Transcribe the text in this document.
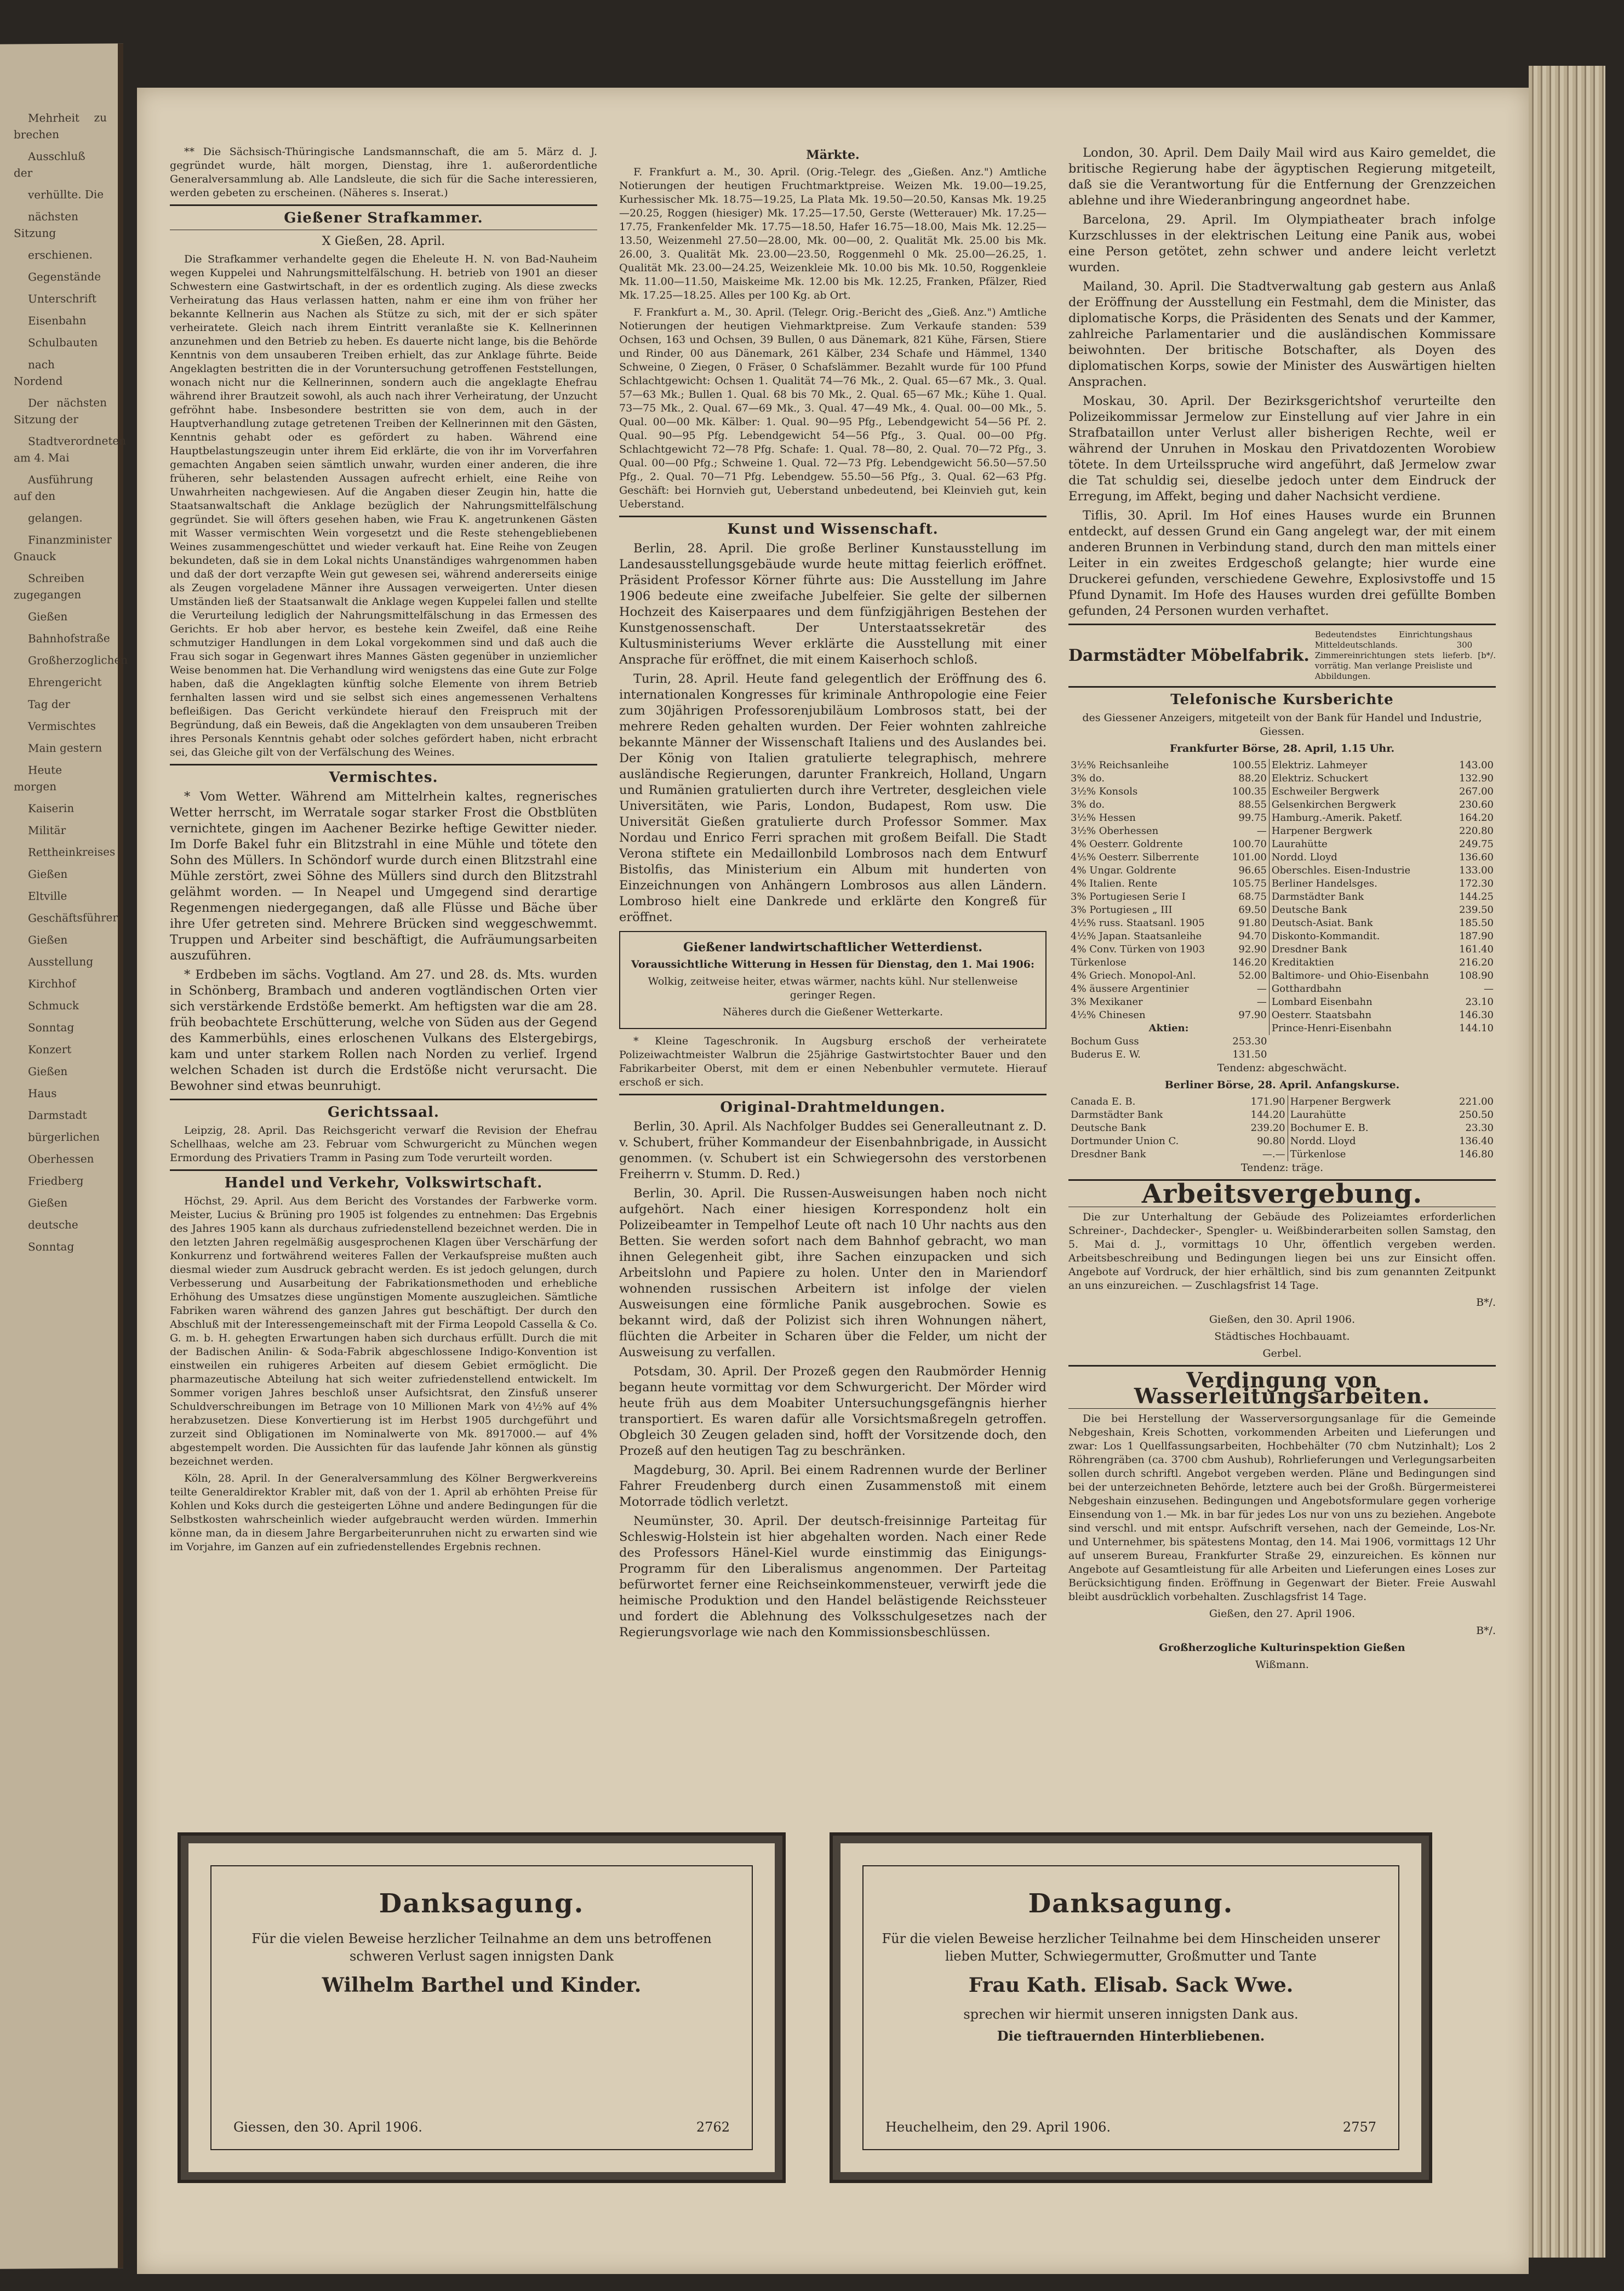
Mehrheit zu brechen

Ausschluß der

verhüllte. Die

nächsten Sitzung

erschienen.

Gegenstände

Unterschrift

Eisenbahn

Schulbauten

nach Nordend

Der nächsten Sitzung der

Stadtverordneten am 4. Mai

Ausführung auf den

gelangen.

Finanzminister Gnauck

Schreiben zugegangen

Gießen

Bahnhofstraße

Großherzoglichen

Ehrengericht

Tag der

Vermischtes

Main gestern

Heute morgen

Kaiserin

Militär

Rettheinkreises

Gießen

Eltville

Geschäftsführer

Gießen

Ausstellung

Kirchhof

Schmuck

Sonntag

Konzert

Gießen

Haus

Darmstadt

bürgerlichen

Oberhessen

Friedberg

Gießen

deutsche

Sonntag

** Die Sächsisch-Thüringische Landsmannschaft, die am 5. März d. J. gegründet wurde, hält morgen, Dienstag, ihre 1. außerordentliche Generalversammlung ab. Alle Landsleute, die sich für die Sache interessieren, werden gebeten zu erscheinen. (Näheres s. Inserat.)

Gießener Strafkammer.

X Gießen, 28. April.

Die Strafkammer verhandelte gegen die Eheleute H. N. von Bad-Nauheim wegen Kuppelei und Nahrungsmittelfälschung. H. betrieb von 1901 an dieser Schwestern eine Gastwirtschaft, in der es ordentlich zuging. Als diese zwecks Verheiratung das Haus verlassen hatten, nahm er eine ihm von früher her bekannte Kellnerin aus Nachen als Stütze zu sich, mit der er sich später verheiratete. Gleich nach ihrem Eintritt veranlaßte sie K. Kellnerinnen anzunehmen und den Betrieb zu heben. Es dauerte nicht lange, bis die Behörde Kenntnis von dem unsauberen Treiben erhielt, das zur Anklage führte. Beide Angeklagten bestritten die in der Voruntersuchung getroffenen Feststellungen, wonach nicht nur die Kellnerinnen, sondern auch die angeklagte Ehefrau während ihrer Brautzeit sowohl, als auch nach ihrer Verheiratung, der Unzucht gefröhnt habe. Insbesondere bestritten sie von dem, auch in der Hauptverhandlung zutage getretenen Treiben der Kellnerinnen mit den Gästen, Kenntnis gehabt oder es gefördert zu haben. Während eine Hauptbelastungszeugin unter ihrem Eid erklärte, die von ihr im Vorverfahren gemachten Angaben seien sämtlich unwahr, wurden einer anderen, die ihre früheren, sehr belastenden Aussagen aufrecht erhielt, eine Reihe von Unwahrheiten nachgewiesen. Auf die Angaben dieser Zeugin hin, hatte die Staatsanwaltschaft die Anklage bezüglich der Nahrungsmittelfälschung gegründet. Sie will öfters gesehen haben, wie Frau K. angetrunkenen Gästen mit Wasser vermischten Wein vorgesetzt und die Reste stehengebliebenen Weines zusammengeschüttet und wieder verkauft hat. Eine Reihe von Zeugen bekundeten, daß sie in dem Lokal nichts Unanständiges wahrgenommen haben und daß der dort verzapfte Wein gut gewesen sei, während andererseits einige als Zeugen vorgeladene Männer ihre Aussagen verweigerten. Unter diesen Umständen ließ der Staatsanwalt die Anklage wegen Kuppelei fallen und stellte die Verurteilung lediglich der Nahrungsmittelfälschung in das Ermessen des Gerichts. Er hob aber hervor, es bestehe kein Zweifel, daß eine Reihe schmutziger Handlungen in dem Lokal vorgekommen sind und daß auch die Frau sich sogar in Gegenwart ihres Mannes Gästen gegenüber in unziemlicher Weise benommen hat. Die Verhandlung wird wenigstens das eine Gute zur Folge haben, daß die Angeklagten künftig solche Elemente von ihrem Betrieb fernhalten lassen wird und sie selbst sich eines angemessenen Verhaltens befleißigen. Das Gericht verkündete hierauf den Freispruch mit der Begründung, daß ein Beweis, daß die Angeklagten von dem unsauberen Treiben ihres Personals Kenntnis gehabt oder solches gefördert haben, nicht erbracht sei, das Gleiche gilt von der Verfälschung des Weines.

Vermischtes.

* Vom Wetter. Während am Mittelrhein kaltes, regnerisches Wetter herrscht, im Werratale sogar starker Frost die Obstblüten vernichtete, gingen im Aachener Bezirke heftige Gewitter nieder. Im Dorfe Bakel fuhr ein Blitzstrahl in eine Mühle und tötete den Sohn des Müllers. In Schöndorf wurde durch einen Blitzstrahl eine Mühle zerstört, zwei Söhne des Müllers sind durch den Blitzstrahl gelähmt worden. — In Neapel und Umgegend sind derartige Regenmengen niedergegangen, daß alle Flüsse und Bäche über ihre Ufer getreten sind. Mehrere Brücken sind weggeschwemmt. Truppen und Arbeiter sind beschäftigt, die Aufräumungsarbeiten auszuführen.

* Erdbeben im sächs. Vogtland. Am 27. und 28. ds. Mts. wurden in Schönberg, Brambach und anderen vogtländischen Orten vier sich verstärkende Erdstöße bemerkt. Am heftigsten war die am 28. früh beobachtete Erschütterung, welche von Süden aus der Gegend des Kammerbühls, eines erloschenen Vulkans des Elstergebirgs, kam und unter starkem Rollen nach Norden zu verlief. Irgend welchen Schaden ist durch die Erdstöße nicht verursacht. Die Bewohner sind etwas beunruhigt.

Gerichtssaal.

Leipzig, 28. April. Das Reichsgericht verwarf die Revision der Ehefrau Schellhaas, welche am 23. Februar vom Schwurgericht zu München wegen Ermordung des Privatiers Tramm in Pasing zum Tode verurteilt worden.

Handel und Verkehr, Volkswirtschaft.

Höchst, 29. April. Aus dem Bericht des Vorstandes der Farbwerke vorm. Meister, Lucius & Brüning pro 1905 ist folgendes zu entnehmen: Das Ergebnis des Jahres 1905 kann als durchaus zufriedenstellend bezeichnet werden. Die in den letzten Jahren regelmäßig ausgesprochenen Klagen über Verschärfung der Konkurrenz und fortwährend weiteres Fallen der Verkaufspreise mußten auch diesmal wieder zum Ausdruck gebracht werden. Es ist jedoch gelungen, durch Verbesserung und Ausarbeitung der Fabrikationsmethoden und erhebliche Erhöhung des Umsatzes diese ungünstigen Momente auszugleichen. Sämtliche Fabriken waren während des ganzen Jahres gut beschäftigt. Der durch den Abschluß mit der Interessengemeinschaft mit der Firma Leopold Cassella & Co. G. m. b. H. gehegten Erwartungen haben sich durchaus erfüllt. Durch die mit der Badischen Anilin- & Soda-Fabrik abgeschlossene Indigo-Konvention ist einstweilen ein ruhigeres Arbeiten auf diesem Gebiet ermöglicht. Die pharmazeutische Abteilung hat sich weiter zufriedenstellend entwickelt. Im Sommer vorigen Jahres beschloß unser Aufsichtsrat, den Zinsfuß unserer Schuldverschreibungen im Betrage von 10 Millionen Mark von 4½% auf 4% herabzusetzen. Diese Konvertierung ist im Herbst 1905 durchgeführt und zurzeit sind Obligationen im Nominalwerte von Mk. 8917000.— auf 4% abgestempelt worden. Die Aussichten für das laufende Jahr können als günstig bezeichnet werden.

Köln, 28. April. In der Generalversammlung des Kölner Bergwerkvereins teilte Generaldirektor Krabler mit, daß von der 1. April ab erhöhten Preise für Kohlen und Koks durch die gesteigerten Löhne und andere Bedingungen für die Selbstkosten wahrscheinlich wieder aufgebraucht werden würden. Immerhin könne man, da in diesem Jahre Bergarbeiterunruhen nicht zu erwarten sind wie im Vorjahre, im Ganzen auf ein zufriedenstellendes Ergebnis rechnen.

Märkte.

F. Frankfurt a. M., 30. April. (Orig.-Telegr. des „Gießen. Anz.") Amtliche Notierungen der heutigen Fruchtmarktpreise. Weizen Mk. 19.00—19.25, Kurhessischer Mk. 18.75—19.25, La Plata Mk. 19.50—20.50, Kansas Mk. 19.25—20.25, Roggen (hiesiger) Mk. 17.25—17.50, Gerste (Wetterauer) Mk. 17.25—17.75, Frankenfelder Mk. 17.75—18.50, Hafer 16.75—18.00, Mais Mk. 12.25—13.50, Weizenmehl 27.50—28.00, Mk. 00—00, 2. Qualität Mk. 25.00 bis Mk. 26.00, 3. Qualität Mk. 23.00—23.50, Roggenmehl 0 Mk. 25.00—26.25, 1. Qualität Mk. 23.00—24.25, Weizenkleie Mk. 10.00 bis Mk. 10.50, Roggenkleie Mk. 11.00—11.50, Maiskeime Mk. 12.00 bis Mk. 12.25, Franken, Pfälzer, Ried Mk. 17.25—18.25. Alles per 100 Kg. ab Ort.

F. Frankfurt a. M., 30. April. (Telegr. Orig.-Bericht des „Gieß. Anz.") Amtliche Notierungen der heutigen Viehmarktpreise. Zum Verkaufe standen: 539 Ochsen, 163 und Ochsen, 39 Bullen, 0 aus Dänemark, 821 Kühe, Färsen, Stiere und Rinder, 00 aus Dänemark, 261 Kälber, 234 Schafe und Hämmel, 1340 Schweine, 0 Ziegen, 0 Fräser, 0 Schafslämmer. Bezahlt wurde für 100 Pfund Schlachtgewicht: Ochsen 1. Qualität 74—76 Mk., 2. Qual. 65—67 Mk., 3. Qual. 57—63 Mk.; Bullen 1. Qual. 68 bis 70 Mk., 2. Qual. 65—67 Mk.; Kühe 1. Qual. 73—75 Mk., 2. Qual. 67—69 Mk., 3. Qual. 47—49 Mk., 4. Qual. 00—00 Mk., 5. Qual. 00—00 Mk. Kälber: 1. Qual. 90—95 Pfg., Lebendgewicht 54—56 Pf. 2. Qual. 90—95 Pfg. Lebendgewicht 54—56 Pfg., 3. Qual. 00—00 Pfg. Schlachtgewicht 72—78 Pfg. Schafe: 1. Qual. 78—80, 2. Qual. 70—72 Pfg., 3. Qual. 00—00 Pfg.; Schweine 1. Qual. 72—73 Pfg. Lebendgewicht 56.50—57.50 Pfg., 2. Qual. 70—71 Pfg. Lebendgew. 55.50—56 Pfg., 3. Qual. 62—63 Pfg. Geschäft: bei Hornvieh gut, Ueberstand unbedeutend, bei Kleinvieh gut, kein Ueberstand.

Kunst und Wissenschaft.

Berlin, 28. April. Die große Berliner Kunstausstellung im Landesausstellungsgebäude wurde heute mittag feierlich eröffnet. Präsident Professor Körner führte aus: Die Ausstellung im Jahre 1906 bedeute eine zweifache Jubelfeier. Sie gelte der silbernen Hochzeit des Kaiserpaares und dem fünfzigjährigen Bestehen der Kunstgenossenschaft. Der Unterstaatssekretär des Kultusministeriums Wever erklärte die Ausstellung mit einer Ansprache für eröffnet, die mit einem Kaiserhoch schloß.

Turin, 28. April. Heute fand gelegentlich der Eröffnung des 6. internationalen Kongresses für kriminale Anthropologie eine Feier zum 30jährigen Professorenjubiläum Lombrosos statt, bei der mehrere Reden gehalten wurden. Der Feier wohnten zahlreiche bekannte Männer der Wissenschaft Italiens und des Auslandes bei. Der König von Italien gratulierte telegraphisch, mehrere ausländische Regierungen, darunter Frankreich, Holland, Ungarn und Rumänien gratulierten durch ihre Vertreter, desgleichen viele Universitäten, wie Paris, London, Budapest, Rom usw. Die Universität Gießen gratulierte durch Professor Sommer. Max Nordau und Enrico Ferri sprachen mit großem Beifall. Die Stadt Verona stiftete ein Medaillonbild Lombrosos nach dem Entwurf Bistolfis, das Ministerium ein Album mit hunderten von Einzeichnungen von Anhängern Lombrosos aus allen Ländern. Lombroso hielt eine Dankrede und erklärte den Kongreß für eröffnet.

Gießener landwirtschaftlicher Wetterdienst.

Voraussichtliche Witterung in Hessen für Dienstag, den 1. Mai 1906:

Wolkig, zeitweise heiter, etwas wärmer, nachts kühl. Nur stellenweise geringer Regen.

Näheres durch die Gießener Wetterkarte.

* Kleine Tageschronik. In Augsburg erschoß der verheiratete Polizeiwachtmeister Walbrun die 25jährige Gastwirtstochter Bauer und den Fabrikarbeiter Oberst, mit dem er einen Nebenbuhler vermutete. Hierauf erschoß er sich.

Original-Drahtmeldungen.

Berlin, 30. April. Als Nachfolger Buddes sei Generalleutnant z. D. v. Schubert, früher Kommandeur der Eisenbahnbrigade, in Aussicht genommen. (v. Schubert ist ein Schwiegersohn des verstorbenen Freiherrn v. Stumm. D. Red.)

Berlin, 30. April. Die Russen-Ausweisungen haben noch nicht aufgehört. Nach einer hiesigen Korrespondenz holt ein Polizeibeamter in Tempelhof Leute oft nach 10 Uhr nachts aus den Betten. Sie werden sofort nach dem Bahnhof gebracht, wo man ihnen Gelegenheit gibt, ihre Sachen einzupacken und sich Arbeitslohn und Papiere zu holen. Unter den in Mariendorf wohnenden russischen Arbeitern ist infolge der vielen Ausweisungen eine förmliche Panik ausgebrochen. Sowie es bekannt wird, daß der Polizist sich ihren Wohnungen nähert, flüchten die Arbeiter in Scharen über die Felder, um nicht der Ausweisung zu verfallen.

Potsdam, 30. April. Der Prozeß gegen den Raubmörder Hennig begann heute vormittag vor dem Schwurgericht. Der Mörder wird heute früh aus dem Moabiter Untersuchungsgefängnis hierher transportiert. Es waren dafür alle Vorsichtsmaßregeln getroffen. Obgleich 30 Zeugen geladen sind, hofft der Vorsitzende doch, den Prozeß auf den heutigen Tag zu beschränken.

Magdeburg, 30. April. Bei einem Radrennen wurde der Berliner Fahrer Freudenberg durch einen Zusammenstoß mit einem Motorrade tödlich verletzt.

Neumünster, 30. April. Der deutsch-freisinnige Parteitag für Schleswig-Holstein ist hier abgehalten worden. Nach einer Rede des Professors Hänel-Kiel wurde einstimmig das Einigungs-Programm für den Liberalismus angenommen. Der Parteitag befürwortet ferner eine Reichseinkommensteuer, verwirft jede die heimische Produktion und den Handel belästigende Reichssteuer und fordert die Ablehnung des Volksschulgesetzes nach der Regierungsvorlage wie nach den Kommissionsbeschlüssen.

London, 30. April. Dem Daily Mail wird aus Kairo gemeldet, die britische Regierung habe der ägyptischen Regierung mitgeteilt, daß sie die Verantwortung für die Entfernung der Grenzzeichen ablehne und ihre Wiederanbringung angeordnet habe.

Barcelona, 29. April. Im Olympiatheater brach infolge Kurzschlusses in der elektrischen Leitung eine Panik aus, wobei eine Person getötet, zehn schwer und andere leicht verletzt wurden.

Mailand, 30. April. Die Stadtverwaltung gab gestern aus Anlaß der Eröffnung der Ausstellung ein Festmahl, dem die Minister, das diplomatische Korps, die Präsidenten des Senats und der Kammer, zahlreiche Parlamentarier und die ausländischen Kommissare beiwohnten. Der britische Botschafter, als Doyen des diplomatischen Korps, sowie der Minister des Auswärtigen hielten Ansprachen.

Moskau, 30. April. Der Bezirksgerichtshof verurteilte den Polizeikommissar Jermelow zur Einstellung auf vier Jahre in ein Strafbataillon unter Verlust aller bisherigen Rechte, weil er während der Unruhen in Moskau den Privatdozenten Worobiew tötete. In dem Urteilsspruche wird angeführt, daß Jermelow zwar die Tat schuldig sei, dieselbe jedoch unter dem Eindruck der Erregung, im Affekt, beging und daher Nachsicht verdiene.

Tiflis, 30. April. Im Hof eines Hauses wurde ein Brunnen entdeckt, auf dessen Grund ein Gang angelegt war, der mit einem anderen Brunnen in Verbindung stand, durch den man mittels einer Leiter in ein zweites Erdgeschoß gelangte; hier wurde eine Druckerei gefunden, verschiedene Gewehre, Explosivstoffe und 15 Pfund Dynamit. Im Hofe des Hauses wurden drei gefüllte Bomben gefunden, 24 Personen wurden verhaftet.

Darmstädter Möbelfabrik.
Bedeutendstes Einrichtungshaus Mitteldeutschlands. 300 Zimmereinrichtungen stets lieferb. vorrätig. Man verlange Preisliste und Abbildungen.
[b*/.
Telefonische Kursberichte

des Giessener Anzeigers, mitgeteilt von der Bank für Handel und Industrie, Giessen.

Frankfurter Börse, 28. April, 1.15 Uhr.

3½% Reichsanleihe	100.55	Elektriz. Lahmeyer	143.00
3% do.	88.20	Elektriz. Schuckert	132.90
3½% Konsols	100.35	Eschweiler Bergwerk	267.00
3% do.	88.55	Gelsenkirchen Bergwerk	230.60
3½% Hessen	99.75	Hamburg.-Amerik. Paketf.	164.20
3½% Oberhessen	—	Harpener Bergwerk	220.80
4% Oesterr. Goldrente	100.70	Laurahütte	249.75
4⅕% Oesterr. Silberrente	101.00	Nordd. Lloyd	136.60
4% Ungar. Goldrente	96.65	Oberschles. Eisen-Industrie	133.00
4% Italien. Rente	105.75	Berliner Handelsges.	172.30
3% Portugiesen Serie I	68.75	Darmstädter Bank	144.25
3% Portugiesen „ III	69.50	Deutsche Bank	239.50
4½% russ. Staatsanl. 1905	91.80	Deutsch-Asiat. Bank	185.50
4½% Japan. Staatsanleihe	94.70	Diskonto-Kommandit.	187.90
4% Conv. Türken von 1903	92.90	Dresdner Bank	161.40
Türkenlose	146.20	Kreditaktien	216.20
4% Griech. Monopol-Anl.	52.00	Baltimore- und Ohio-Eisenbahn	108.90
4% äussere Argentinier	—	Gotthardbahn	—
3% Mexikaner	—	Lombard Eisenbahn	23.10
4½% Chinesen	97.90	Oesterr. Staatsbahn	146.30
Aktien:		Prince-Henri-Eisenbahn	144.10
Bochum Guss	253.30		
Buderus E. W.	131.50		

Tendenz: abgeschwächt.

Berliner Börse, 28. April. Anfangskurse.

Canada E. B.	171.90	Harpener Bergwerk	221.00
Darmstädter Bank	144.20	Laurahütte	250.50
Deutsche Bank	239.20	Bochumer E. B.	23.30
Dortmunder Union C.	90.80	Nordd. Lloyd	136.40
Dresdner Bank	—.—	Türkenlose	146.80

Tendenz: träge.

Arbeitsvergebung.

Die zur Unterhaltung der Gebäude des Polizeiamtes erforderlichen Schreiner-, Dachdecker-, Spengler- u. Weißbinderarbeiten sollen Samstag, den 5. Mai d. J., vormittags 10 Uhr, öffentlich vergeben werden. Arbeitsbeschreibung und Bedingungen liegen bei uns zur Einsicht offen. Angebote auf Vordruck, der hier erhältlich, sind bis zum genannten Zeitpunkt an uns einzureichen. — Zuschlagsfrist 14 Tage.

B*/.

Gießen, den 30. April 1906.

Städtisches Hochbauamt.

Gerbel.

Verdingung von Wasserleitungsarbeiten.

Die bei Herstellung der Wasserversorgungsanlage für die Gemeinde Nebgeshain, Kreis Schotten, vorkommenden Arbeiten und Lieferungen und zwar: Los 1 Quellfassungsarbeiten, Hochbehälter (70 cbm Nutzinhalt); Los 2 Röhrengräben (ca. 3700 cbm Aushub), Rohrlieferungen und Verlegungsarbeiten sollen durch schriftl. Angebot vergeben werden. Pläne und Bedingungen sind bei der unterzeichneten Behörde, letztere auch bei der Großh. Bürgermeisterei Nebgeshain einzusehen. Bedingungen und Angebotsformulare gegen vorherige Einsendung von 1.— Mk. in bar für jedes Los nur von uns zu beziehen. Angebote sind verschl. und mit entspr. Aufschrift versehen, nach der Gemeinde, Los-Nr. und Unternehmer, bis spätestens Montag, den 14. Mai 1906, vormittags 12 Uhr auf unserem Bureau, Frankfurter Straße 29, einzureichen. Es können nur Angebote auf Gesamtleistung für alle Arbeiten und Lieferungen eines Loses zur Berücksichtigung finden. Eröffnung in Gegenwart der Bieter. Freie Auswahl bleibt ausdrücklich vorbehalten. Zuschlagsfrist 14 Tage.

Gießen, den 27. April 1906.

B*/.

Großherzogliche Kulturinspektion Gießen

Wißmann.

Danksagung.

Für die vielen Beweise herzlicher Teilnahme an dem uns betroffenen schweren Verlust sagen innigsten Dank

Wilhelm Barthel und Kinder.
Giessen, den 30. April 1906.	2762
Danksagung.

Für die vielen Beweise herzlicher Teilnahme bei dem Hinscheiden unserer lieben Mutter, Schwiegermutter, Großmutter und Tante

Frau Kath. Elisab. Sack Wwe.

sprechen wir hiermit unseren innigsten Dank aus.

Die tieftrauernden Hinterbliebenen.

Heuchelheim, den 29. April 1906.	2757
